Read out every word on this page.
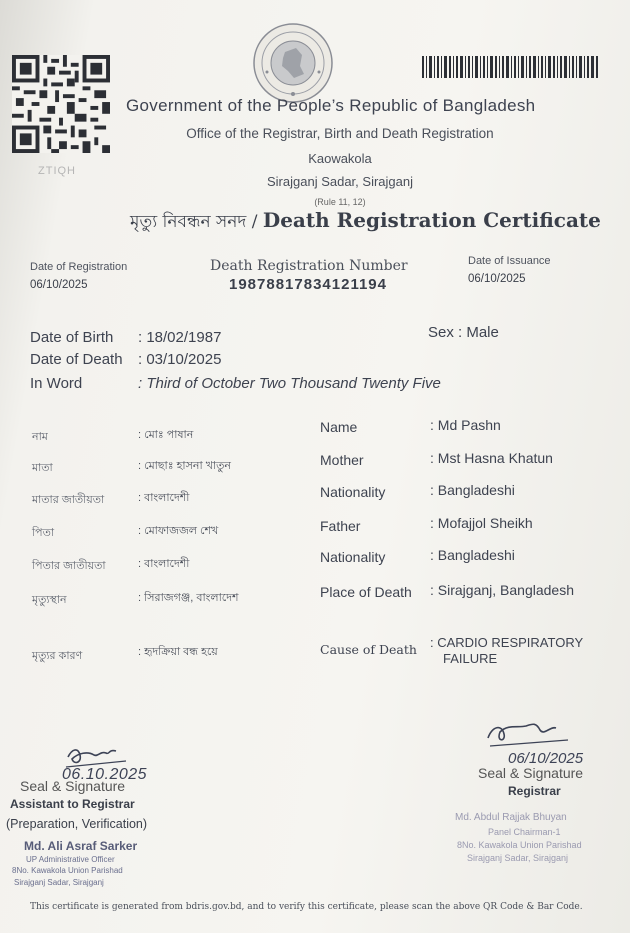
ZTIQH
Government of the People’s Republic of Bangladesh
Office of the Registrar, Birth and Death Registration
Kaowakola
Sirajganj Sadar, Sirajganj
(Rule 11, 12)
মৃত্যু নিবন্ধন সনদ / Death Registration Certificate
Date of Registration
06/10/2025
Death Registration Number
19878817834121194
Date of Issuance
06/10/2025
Date of Birth : 18/02/1987
Date of Death : 03/10/2025
In Word	: Third of October Two Thousand Twenty Five
Sex : Male
নাম	: মোঃ পাষান	Name	: Md Pashn
মাতা	: মোছাঃ হাসনা খাতুন	Mother	: Mst Hasna Khatun
মাতার জাতীয়তা	: বাংলাদেশী	Nationality	: Bangladeshi
পিতা	: মোফাজজল শেখ	Father	: Mofajjol Sheikh
পিতার জাতীয়তা	: বাংলাদেশী	Nationality	: Bangladeshi
মৃত্যুস্থান	: সিরাজগঞ্জ, বাংলাদেশ	Place of Death : Sirajganj, Bangladesh
মৃত্যুর কারণ	: হৃদক্রিয়া বন্ধ হয়ে	Cause of Death : CARDIO RESPIRATORY
FAILURE
06.10.2025
Seal & Signature
Assistant to Registrar
(Preparation, Verification)
Md. Ali Asraf Sarker
UP Administrative Officer
8No. Kawakola Union Parishad
Sirajganj Sadar, Sirajganj
06/10/2025
Seal & Signature
Registrar
Md. Abdul Rajjak Bhuyan
Panel Chairman-1
8No. Kawakola Union Parishad
Sirajganj Sadar, Sirajganj
This certificate is generated from bdris.gov.bd, and to verify this certificate, please scan the above QR Code & Bar Code.
